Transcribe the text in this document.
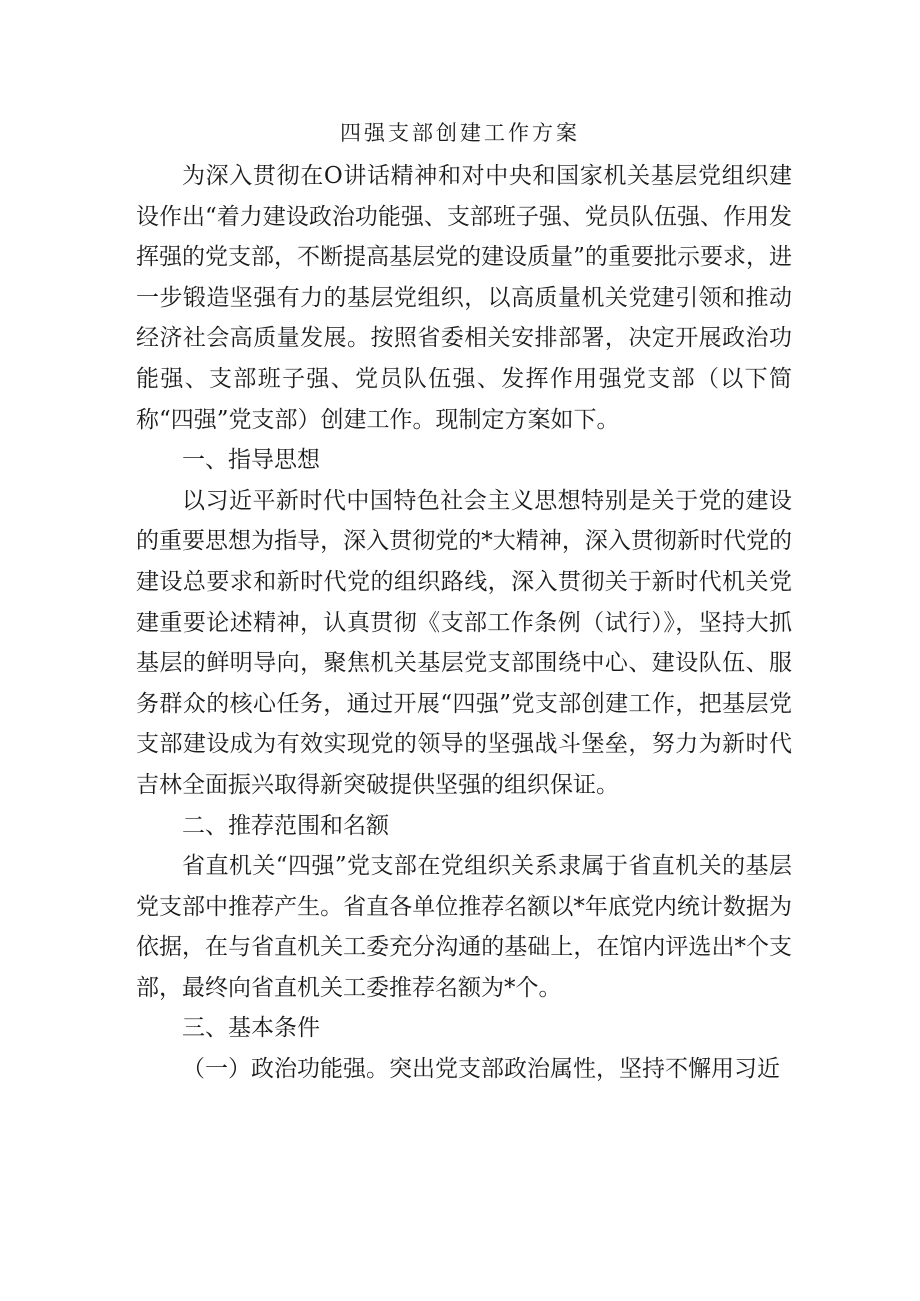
四强支部创建工作方案

为深入贯彻在O讲话精神和对中央和国家机关基层党组织建设作出“着力建设政治功能强、支部班子强、党员队伍强、作用发挥强的党支部，不断提高基层党的建设质量”的重要批示要求，进一步锻造坚强有力的基层党组织，以高质量机关党建引领和推动经济社会高质量发展。按照省委相关安排部署，决定开展政治功能强、支部班子强、党员队伍强、发挥作用强党支部（以下简称“四强”党支部）创建工作。现制定方案如下。

一、指导思想

以习近平新时代中国特色社会主义思想特别是关于党的建设的重要思想为指导，深入贯彻党的*大精神，深入贯彻新时代党的建设总要求和新时代党的组织路线，深入贯彻关于新时代机关党建重要论述精神，认真贯彻《支部工作条例（试行）》，坚持大抓基层的鲜明导向，聚焦机关基层党支部围绕中心、建设队伍、服务群众的核心任务，通过开展“四强”党支部创建工作，把基层党支部建设成为有效实现党的领导的坚强战斗堡垒，努力为新时代吉林全面振兴取得新突破提供坚强的组织保证。

二、推荐范围和名额

省直机关“四强”党支部在党组织关系隶属于省直机关的基层党支部中推荐产生。省直各单位推荐名额以*年底党内统计数据为依据，在与省直机关工委充分沟通的基础上，在馆内评选出*个支部，最终向省直机关工委推荐名额为*个。

三、基本条件

（一）政治功能强。突出党支部政治属性，坚持不懈用习近
